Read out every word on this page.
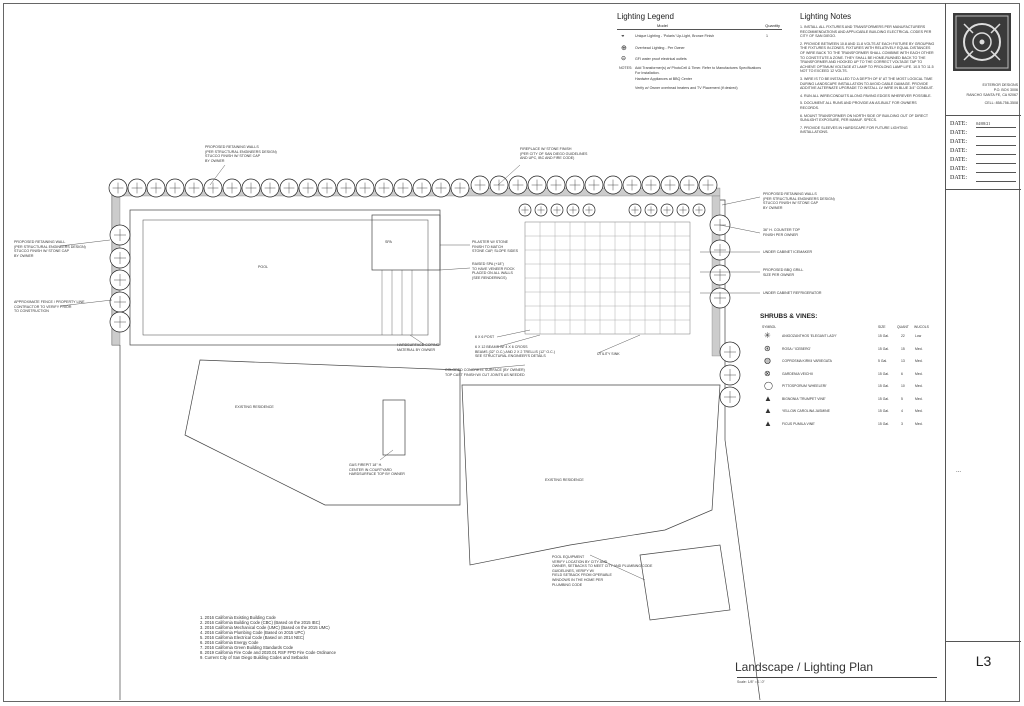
SPA
POOL
EXISTING RESIDENCE
EXISTING RESIDENCE
PROPOSED RETAINING WALLS
(PER STRUCTURAL ENGINEERS DESIGN)
STUCCO FINISH W/ STONE CAP
BY OWNER
FIREPLACE W/ STONE FINISH
(PER CITY OF SAN DIEGO GUIDELINES
AND UPC, IBC AND FIRE CODE)
PROPOSED RETAINING WALLS
(PER STRUCTURAL ENGINEERS DESIGN)
STUCCO FINISH W/ STONE CAP
BY OWNER
36" H. COUNTER TOP
FINISH PER OWNER
UNDER CABINET ICEMAKER
PROPOSED BBQ GRILL
SIZE PER OWNER
UNDER CABINET REFRIGERATOR
PROPOSED RETAINING WALL
(PER STRUCTURAL ENGINEERS DESIGN)
STUCCO FINISH W/ STONE CAP
BY OWNER
APPROXIMATE FENCE / PROPERTY LINE
CONTRACTOR TO VERIFY PRIOR
TO CONSTRUCTION
PILASTER W/ STONE
FINISH TO MATCH
STONE CAP, SLOPE SIDES
RAISED SPA (+18")
TO HAVE VENEER ROCK
PLACED ON ALL WALLS
(SEE RENDERINGS)
HARDSURFACE COPING
MATERIAL BY OWNER
6 X 6 POST
6 X 12 BEAMS W/ 4 X 6 CROSS
BEAMS (32" O.C.) AND 2 X 2 TRELLIS (12" O.C.)
SEE STRUCTURAL ENGINEER'S DETAILS
UTILITY SINK
COLORED CONCRETE SURFACE (BY OWNER)
TOP CAST FINISH W/ CUT JOINTS AS NEEDED
GAS FIREPIT 18" H.
CENTER IN COURTYARD
HARDSURFACE TOP BY OWNER
POOL EQUIPMENT
VERIFY LOCATION BY CITY AND
OWNER, SETBACKS TO MEET CITY AND PLUMBING CODE
GUIDELINES, VERIFY W/
FIELD SETBACK FROM OPERABLE
WINDOWS IN THE HOME PER
PLUMBING CODE
Lighting Legend
Model	Quantity
◒	Unique Lighting - 'Polaris' Up-Light, Bronze Finish	1
⊕ Overhead Lighting - Per Owner
⊖ GFI water proof electrical outlets
NOTES: Add Transformer(s) w/ PhotoCell & Timer. Refer to Manufactures Specifications For Installation.
Hardwire Appliances at BBQ Center
Verify w/ Owner overhead heaters and TV Placement (if desired)
Lighting Notes
1. INSTALL ALL FIXTURES AND TRANSFORMERS PER MANUFACTURERS RECOMMENDATIONS AND APPLICABLE BUILDING ELECTRICAL CODES PER CITY OF SAN DIEGO.
2. PROVIDE BETWEEN 10.8 AND 11.8 VOLTS AT EACH FIXTURE BY GROUPING THE FIXTURES IN ZONES. FIXTURES WITH RELATIVELY EQUAL DISTANCES OF WIRE BACK TO THE TRANSFORMER SHALL COMBINE WITH EACH OTHER TO CONSTITUTE A ZONE. THEY SHALL BE HOME-RUNNED BACK TO THE TRANSFORMER AND HOOKED UP TO THE CORRECT VOLTAGE TAP TO ACHIEVE OPTIMUM VOLTAGE AT LAMP TO PROLONG LAMP LIFE. 10.5 TO 11.5 NOT TO EXCEED 12 VOLTS.
3. WIRE IS TO BE INSTALLED TO A DEPTH OF 6" AT THE MOST LOGICAL TIME DURING LANDSCAPE INSTALLATION TO AVOID CABLE DAMAGE. PROVIDE ADDITIVE ALTERNATE UPGRADE TO INSTALL LV WIRE IN BLUE 3/4" CONDUIT.
4. RUN ALL WIRE/CONDUITS ALONG PAVING EDGES WHEREVER POSSIBLE.
5. DOCUMENT ALL RUNS AND PROVIDE AN AS-BUILT FOR OWNERS RECORDS.
6. MOUNT TRANSFORMER ON NORTH SIDE OF BUILDING OUT OF DIRECT SUNLIGHT EXPOSURE, PER MANUF. SPECS.
7. PROVIDE SLEEVES IN HARDSCAPE FOR FUTURE LIGHTING INSTALLATIONS.
SHRUBS & VINES:
SYMBOL	SIZE	QUANT WUCOLS
✳	ANIGOZANTHOS 'ELEGANT LADY'	15 Gal.	22	Low
⊛	ROSA / 'ICEBERG'	15 Gal.	15	Med.
◍	COPROSMA KIRKII VARIEGATA	5 Gal.	13	Med.
⊗	GARDENIA VEICHII	15 Gal.	6	Med.
◯	PITTOSPORUM 'WHEELERI'	15 Gal.	10	Med.
▲	BIGNONIA 'TRUMPET VINE'	15 Gal.	5	Med.
▲	YELLOW CAROLINA JASMINE	15 Gal.	4	Med.
▲	FICUS PUMILA VINE'	15 Gal.	3	Med.
1. 2016 California Existing Building Code
2. 2016 California Building Code (CBC) (Based on the 2015 IBC)
3. 2016 California Mechanical Code (UMC) (Based on the 2015 UMC)
4. 2016 California Plumbing Code (Based on 2015 UPC)
5. 2016 California Electrical Code (Based on 2014 NEC)
6. 2016 California Energy Code
7. 2016 California Green Building Standards Code
8. 2019 California Fire Code and 2020.01 RSF FPD Fire Code Ordinance
9. Current City of San Diego Building Codes and Setbacks
Landscape / Lighting Plan
Scale: 1/8" = 1'-0"
EXTERIOR DESIGNS
P.O. BOX 3006
RANCHO SANTA FE, CA 92067
CELL: 858-756-3508
DATE: 04/08/21
DATE:
DATE:
DATE:
DATE:
DATE:
DATE:
...
L3
